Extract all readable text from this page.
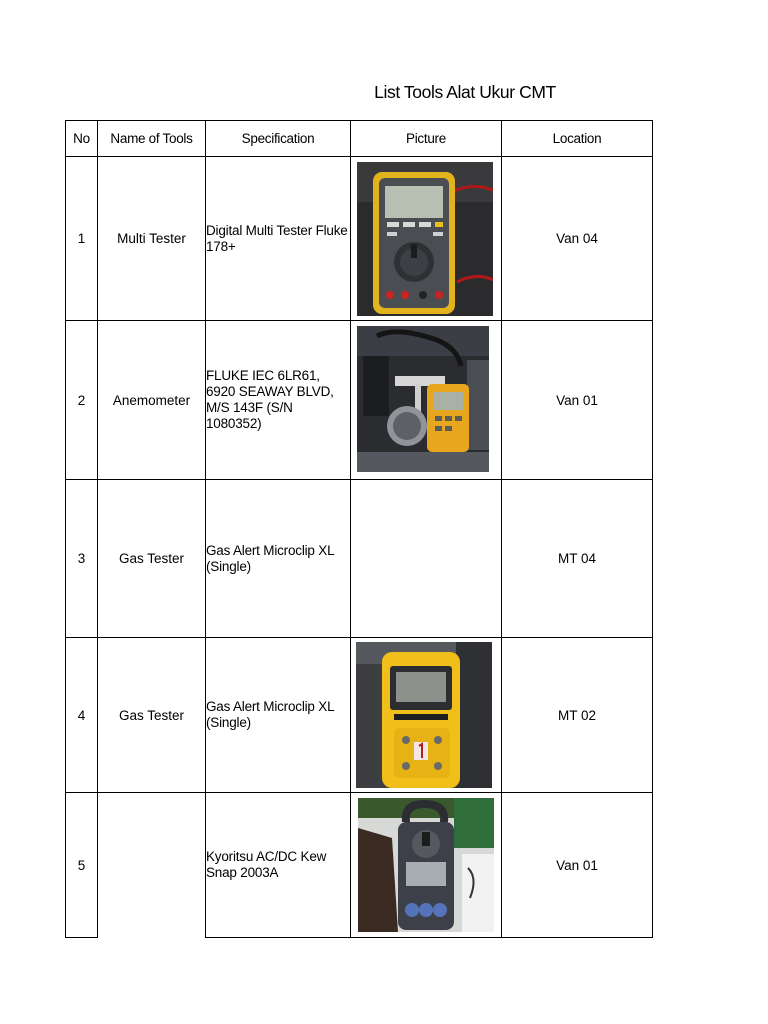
List Tools Alat Ukur CMT
No	Name of Tools	Specification	Picture	Location
1	Multi Tester	Digital Multi Tester Fluke 178+		Van 04
2	Anemometer	FLUKE IEC 6LR61, 6920 SEAWAY BLVD, M/S 143F (S/N 1080352)		Van 01
3	Gas Tester	Gas Alert Microclip XL (Single)		MT 04
4	Gas Tester	Gas Alert Microclip XL (Single)		MT 02
5		Kyoritsu AC/DC Kew Snap 2003A		Van 01
